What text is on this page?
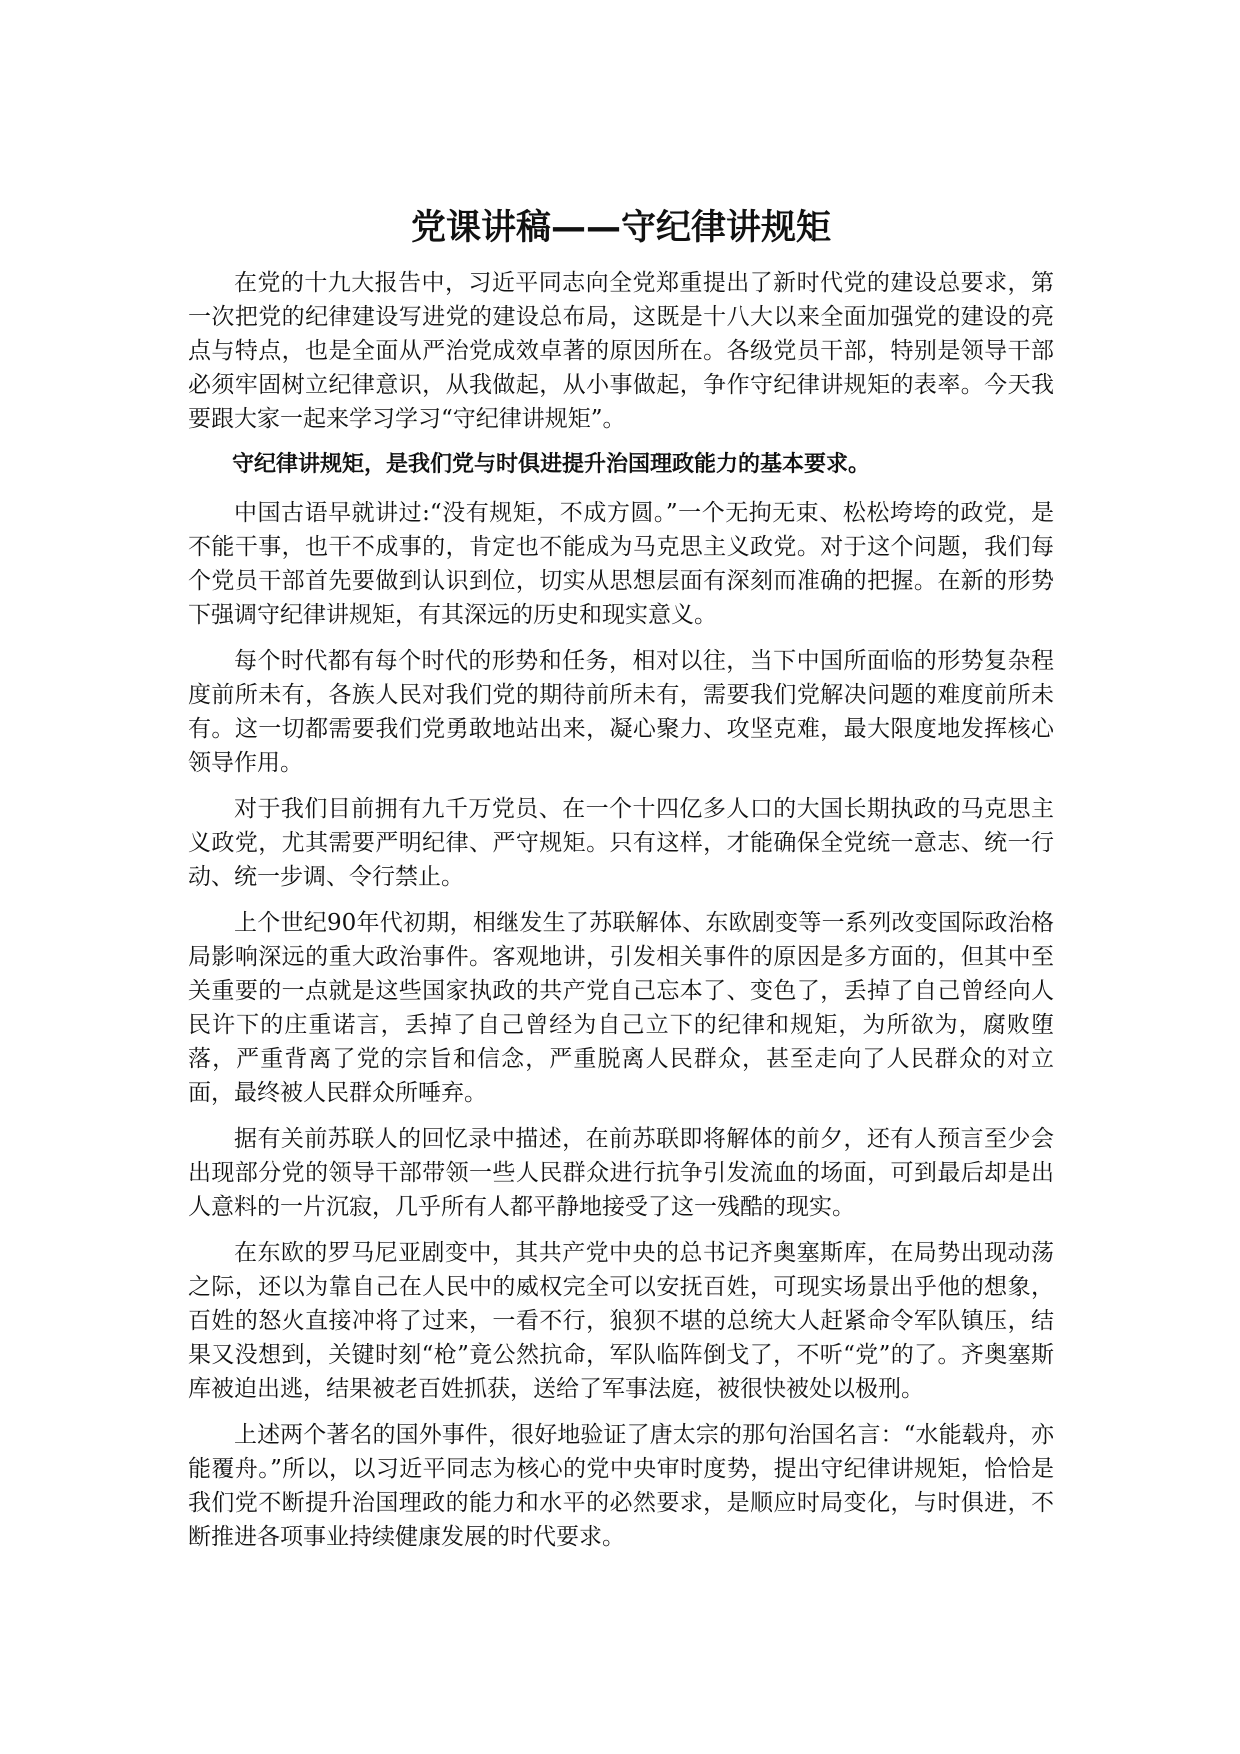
党课讲稿——守纪律讲规矩

在党的十九大报告中，习近平同志向全党郑重提出了新时代党的建设总要求，第一次把党的纪律建设写进党的建设总布局，这既是十八大以来全面加强党的建设的亮点与特点，也是全面从严治党成效卓著的原因所在。各级党员干部，特别是领导干部必须牢固树立纪律意识，从我做起，从小事做起，争作守纪律讲规矩的表率。今天我要跟大家一起来学习学习“守纪律讲规矩”。

守纪律讲规矩，是我们党与时俱进提升治国理政能力的基本要求。

中国古语早就讲过:“没有规矩，不成方圆。”一个无拘无束、松松垮垮的政党，是不能干事，也干不成事的，肯定也不能成为马克思主义政党。对于这个问题，我们每个党员干部首先要做到认识到位，切实从思想层面有深刻而准确的把握。在新的形势下强调守纪律讲规矩，有其深远的历史和现实意义。

每个时代都有每个时代的形势和任务，相对以往，当下中国所面临的形势复杂程度前所未有，各族人民对我们党的期待前所未有，需要我们党解决问题的难度前所未有。这一切都需要我们党勇敢地站出来，凝心聚力、攻坚克难，最大限度地发挥核心领导作用。

对于我们目前拥有九千万党员、在一个十四亿多人口的大国长期执政的马克思主义政党，尤其需要严明纪律、严守规矩。只有这样，才能确保全党统一意志、统一行动、统一步调、令行禁止。

上个世纪90年代初期，相继发生了苏联解体、东欧剧变等一系列改变国际政治格局影响深远的重大政治事件。客观地讲，引发相关事件的原因是多方面的，但其中至关重要的一点就是这些国家执政的共产党自己忘本了、变色了，丢掉了自己曾经向人民许下的庄重诺言，丢掉了自己曾经为自己立下的纪律和规矩，为所欲为，腐败堕落，严重背离了党的宗旨和信念，严重脱离人民群众，甚至走向了人民群众的对立面，最终被人民群众所唾弃。

据有关前苏联人的回忆录中描述，在前苏联即将解体的前夕，还有人预言至少会出现部分党的领导干部带领一些人民群众进行抗争引发流血的场面，可到最后却是出人意料的一片沉寂，几乎所有人都平静地接受了这一残酷的现实。

在东欧的罗马尼亚剧变中，其共产党中央的总书记齐奥塞斯库，在局势出现动荡之际，还以为靠自己在人民中的威权完全可以安抚百姓，可现实场景出乎他的想象，百姓的怒火直接冲将了过来，一看不行，狼狈不堪的总统大人赶紧命令军队镇压，结果又没想到，关键时刻“枪”竟公然抗命，军队临阵倒戈了，不听“党”的了。齐奥塞斯库被迫出逃，结果被老百姓抓获，送给了军事法庭，被很快被处以极刑。

上述两个著名的国外事件，很好地验证了唐太宗的那句治国名言：“水能载舟，亦能覆舟。”所以，以习近平同志为核心的党中央审时度势，提出守纪律讲规矩，恰恰是我们党不断提升治国理政的能力和水平的必然要求，是顺应时局变化，与时俱进，不断推进各项事业持续健康发展的时代要求。
